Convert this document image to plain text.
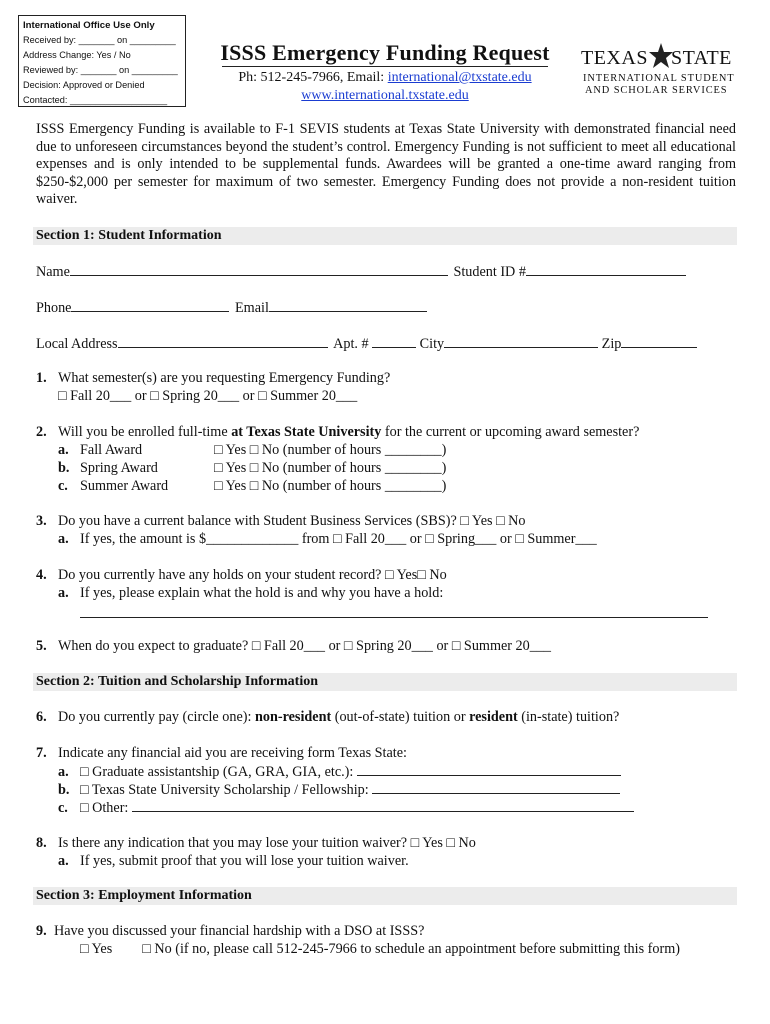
International Office Use Only
Received by: _______ on _________
Address Change: Yes / No
Reviewed by: _______ on _________
Decision: Approved or Denied
Contacted: ___________________
ISSS Emergency Funding Request
Ph: 512-245-7966, Email: international@txstate.edu
www.international.txstate.edu
TEXAS STATE
INTERNATIONAL STUDENT
AND SCHOLAR SERVICES
ISSS Emergency Funding is available to F-1 SEVIS students at Texas State University with demonstrated financial need due to unforeseen circumstances beyond the student’s control. Emergency Funding is not sufficient to meet all educational expenses and is only intended to be supplemental funds. Awardees will be granted a one-time award ranging from $250-$2,000 per semester for maximum of two semester. Emergency Funding does not provide a non-resident tuition waiver.
Section 1: Student Information
Name	Student ID #
Phone	Email
Local Address	Apt. #	City	Zip
1. What semester(s) are you requesting Emergency Funding?
□ Fall 20___ or □ Spring 20___ or □ Summer 20___
2. Will you be enrolled full-time at Texas State University for the current or upcoming award semester?
a. Fall Award	□ Yes □ No (number of hours ________)
b. Spring Award	□ Yes □ No (number of hours ________)
c. Summer Award	□ Yes □ No (number of hours ________)
3. Do you have a current balance with Student Business Services (SBS)? □ Yes □ No
a. If yes, the amount is $_____________ from □ Fall 20___ or □ Spring___ or □ Summer___
4. Do you currently have any holds on your student record? □ Yes□ No
a. If yes, please explain what the hold is and why you have a hold:
5. When do you expect to graduate? □ Fall 20___ or □ Spring 20___ or □ Summer 20___
Section 2: Tuition and Scholarship Information
6. Do you currently pay (circle one): non-resident (out-of-state) tuition or resident (in-state) tuition?
7. Indicate any financial aid you are receiving form Texas State:
a. □ Graduate assistantship (GA, GRA, GIA, etc.):
b. □ Texas State University Scholarship / Fellowship:
c. □ Other:
8. Is there any indication that you may lose your tuition waiver? □ Yes □ No
a. If yes, submit proof that you will lose your tuition waiver.
Section 3: Employment Information
9. Have you discussed your financial hardship with a DSO at ISSS?
□ Yes □ No (if no, please call 512-245-7966 to schedule an appointment before submitting this form)
